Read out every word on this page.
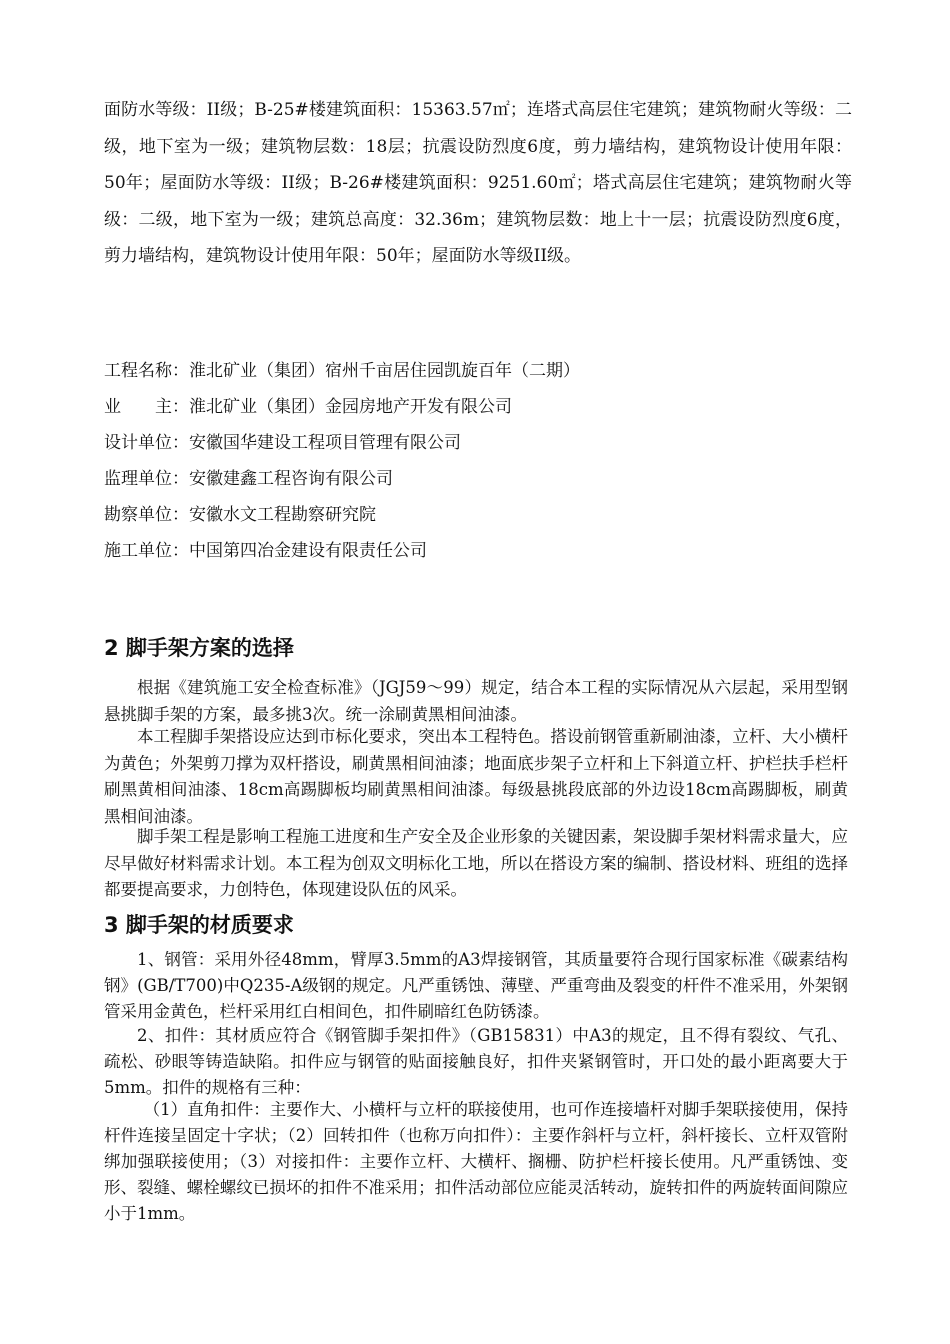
面防水等级：II级；B-25#楼建筑面积：15363.57㎡；连塔式高层住宅建筑；建筑物耐火等级：二级，地下室为一级；建筑物层数：18层；抗震设防烈度6度，剪力墙结构，建筑物设计使用年限：50年；屋面防水等级：II级；B-26#楼建筑面积：9251.60㎡；塔式高层住宅建筑；建筑物耐火等级：二级，地下室为一级；建筑总高度：32.36m；建筑物层数：地上十一层；抗震设防烈度6度，剪力墙结构，建筑物设计使用年限：50年；屋面防水等级II级。

工程名称：淮北矿业（集团）宿州千亩居住园凯旋百年（二期）

业　　主：淮北矿业（集团）金园房地产开发有限公司

设计单位：安徽国华建设工程项目管理有限公司

监理单位：安徽建鑫工程咨询有限公司

勘察单位：安徽水文工程勘察研究院

施工单位：中国第四冶金建设有限责任公司

2 脚手架方案的选择

根据《建筑施工安全检查标准》（JGJ59～99）规定，结合本工程的实际情况从六层起，采用型钢悬挑脚手架的方案，最多挑3次。统一涂刷黄黑相间油漆。

本工程脚手架搭设应达到市标化要求，突出本工程特色。搭设前钢管重新刷油漆，立杆、大小横杆为黄色；外架剪刀撑为双杆搭设，刷黄黑相间油漆；地面底步架子立杆和上下斜道立杆、护栏扶手栏杆刷黑黄相间油漆、18cm高踢脚板均刷黄黑相间油漆。每级悬挑段底部的外边设18cm高踢脚板，刷黄黑相间油漆。

脚手架工程是影响工程施工进度和生产安全及企业形象的关键因素，架设脚手架材料需求量大，应尽早做好材料需求计划。本工程为创双文明标化工地，所以在搭设方案的编制、搭设材料、班组的选择都要提高要求，力创特色，体现建设队伍的风采。

3 脚手架的材质要求

1、钢管：采用外径48mm，臂厚3.5mm的A3焊接钢管，其质量要符合现行国家标准《碳素结构钢》(GB/T700)中Q235-A级钢的规定。凡严重锈蚀、薄壁、严重弯曲及裂变的杆件不准采用，外架钢管采用金黄色，栏杆采用红白相间色，扣件刷暗红色防锈漆。

2、扣件：其材质应符合《钢管脚手架扣件》（GB15831）中A3的规定，且不得有裂纹、气孔、疏松、砂眼等铸造缺陷。扣件应与钢管的贴面接触良好，扣件夹紧钢管时，开口处的最小距离要大于5mm。扣件的规格有三种：

（1）直角扣件：主要作大、小横杆与立杆的联接使用，也可作连接墙杆对脚手架联接使用，保持杆件连接呈固定十字状；（2）回转扣件（也称万向扣件）：主要作斜杆与立杆，斜杆接长、立杆双管附绑加强联接使用；（3）对接扣件：主要作立杆、大横杆、搁栅、防护栏杆接长使用。凡严重锈蚀、变形、裂缝、螺栓螺纹已损坏的扣件不准采用；扣件活动部位应能灵活转动，旋转扣件的两旋转面间隙应小于1mm。
